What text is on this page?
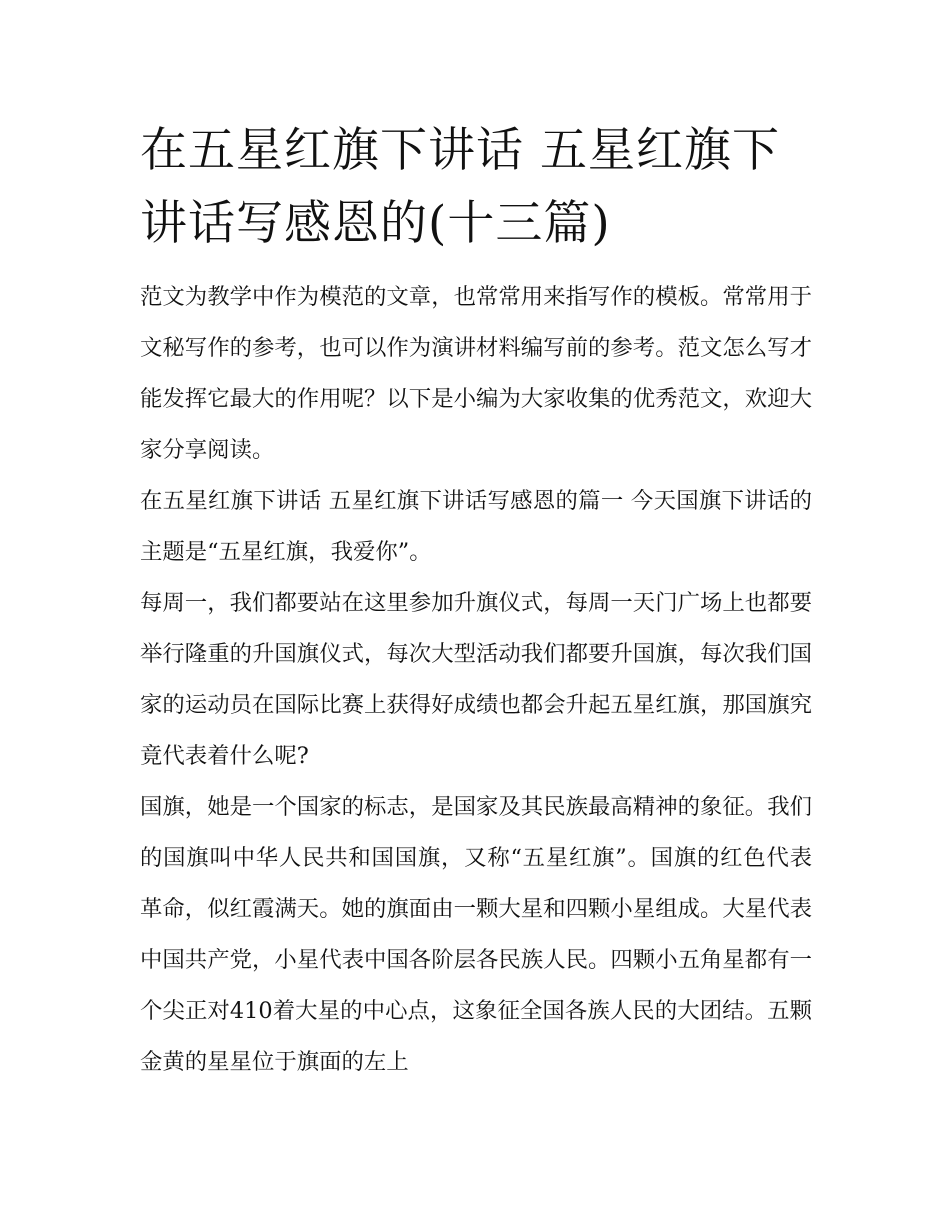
在五星红旗下讲话 五星红旗下讲话写感恩的(十三篇)

范文为教学中作为模范的文章，也常常用来指写作的模板。常常用于文秘写作的参考，也可以作为演讲材料编写前的参考。范文怎么写才能发挥它最大的作用呢？以下是小编为大家收集的优秀范文，欢迎大家分享阅读。

在五星红旗下讲话 五星红旗下讲话写感恩的篇一 今天国旗下讲话的主题是“五星红旗，我爱你”。

每周一，我们都要站在这里参加升旗仪式，每周一天门广场上也都要举行隆重的升国旗仪式，每次大型活动我们都要升国旗，每次我们国家的运动员在国际比赛上获得好成绩也都会升起五星红旗，那国旗究竟代表着什么呢?

国旗，她是一个国家的标志，是国家及其民族最高精神的象征。我们的国旗叫中华人民共和国国旗，又称“五星红旗”。国旗的红色代表革命，似红霞满天。她的旗面由一颗大星和四颗小星组成。大星代表中国共产党，小星代表中国各阶层各民族人民。四颗小五角星都有一个尖正对410着大星的中心点，这象征全国各族人民的大团结。五颗金黄的星星位于旗面的左上
